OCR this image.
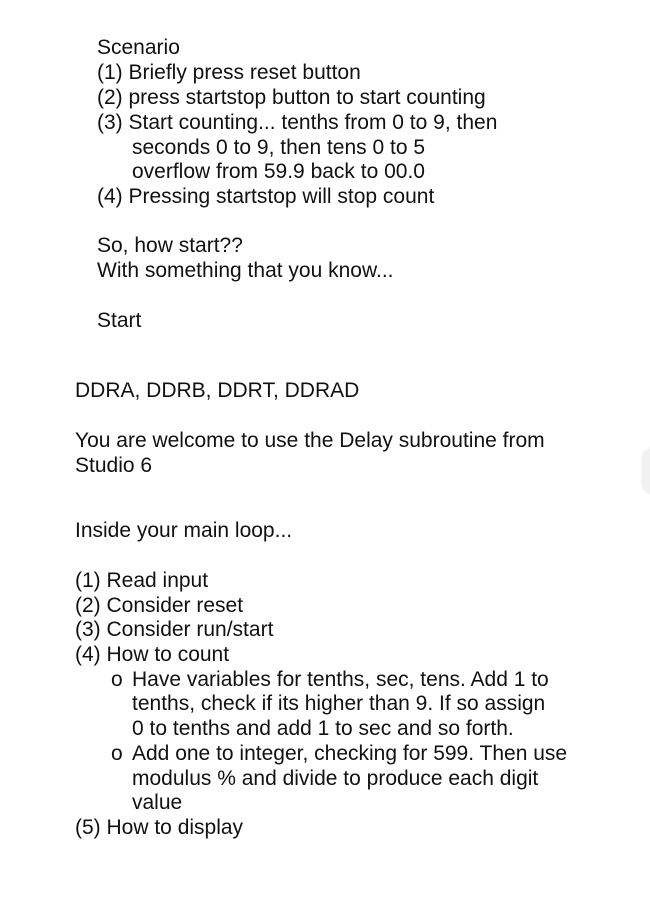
Scenario
(1) Briefly press reset button
(2) press startstop button to start counting
(3) Start counting... tenths from 0 to 9, then
seconds 0 to 9, then tens 0 to 5
overflow from 59.9 back to 00.0
(4) Pressing startstop will stop count
So, how start??
With something that you know...
Start
DDRA, DDRB, DDRT, DDRAD
You are welcome to use the Delay subroutine from
Studio 6
Inside your main loop...
(1) Read input
(2) Consider reset
(3) Consider run/start
(4) How to count
o Have variables for tenths, sec, tens. Add 1 to
tenths, check if its higher than 9. If so assign
0 to tenths and add 1 to sec and so forth.
o Add one to integer, checking for 599. Then use
modulus % and divide to produce each digit
value
(5) How to display
